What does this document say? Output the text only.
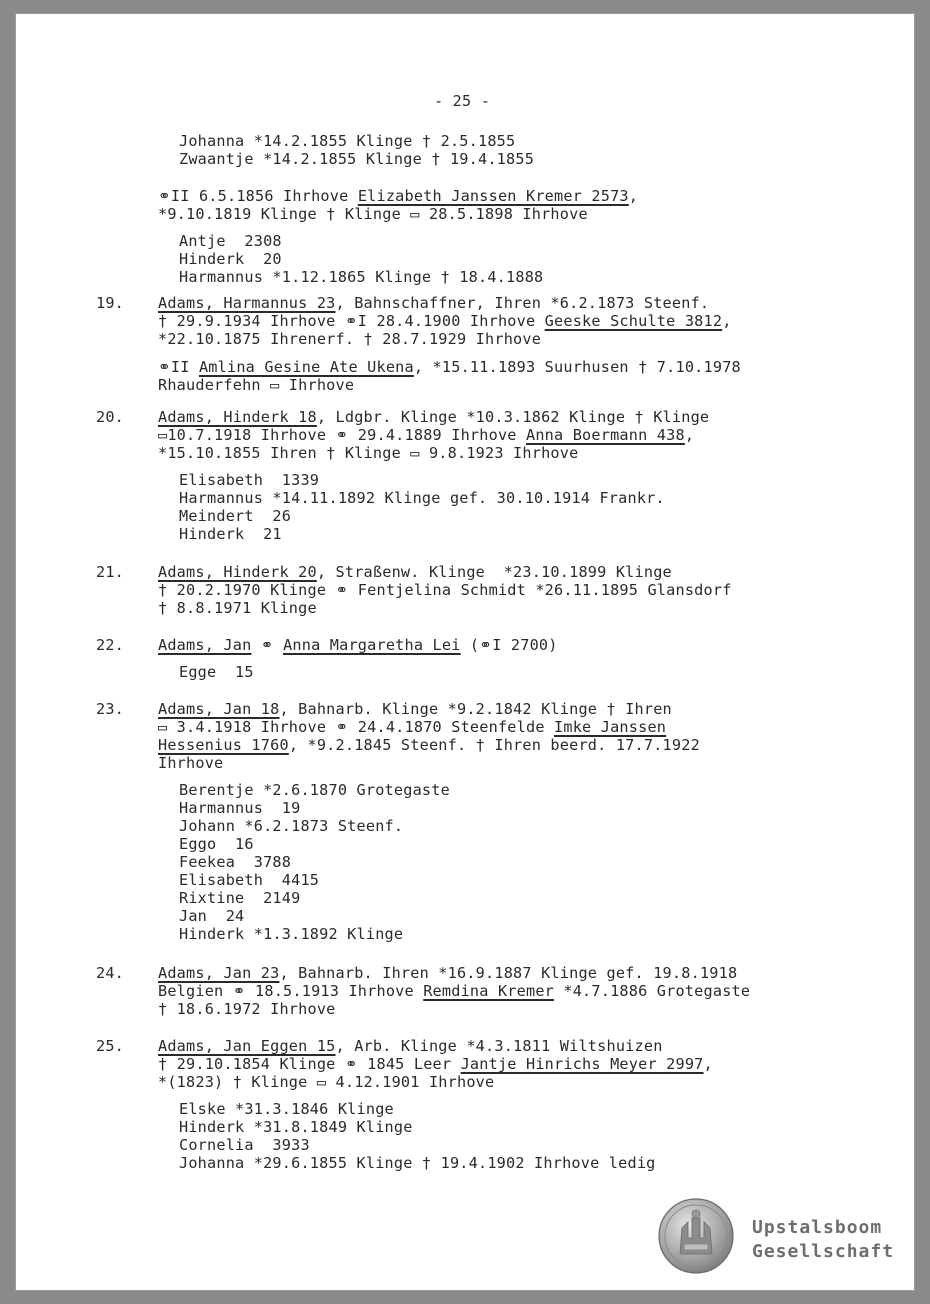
- 25 -
19.
20.
21.
22.
23.
24.
25.
Johanna *14.2.1855 Klinge † 2.5.1855
Zwaantje *14.2.1855 Klinge † 19.4.1855
⚭II 6.5.1856 Ihrhove Elizabeth Janssen Kremer 2573,
*9.10.1819 Klinge † Klinge ▭ 28.5.1898 Ihrhove
Antje  2308
Hinderk  20
Harmannus *1.12.1865 Klinge † 18.4.1888
Adams, Harmannus 23, Bahnschaffner, Ihren *6.2.1873 Steenf.
† 29.9.1934 Ihrhove ⚭I 28.4.1900 Ihrhove Geeske Schulte 3812,
*22.10.1875 Ihrenerf. † 28.7.1929 Ihrhove
⚭II Amlina Gesine Ate Ukena, *15.11.1893 Suurhusen † 7.10.1978
Rhauderfehn ▭ Ihrhove
Adams, Hinderk 18, Ldgbr. Klinge *10.3.1862 Klinge † Klinge
▭10.7.1918 Ihrhove ⚭ 29.4.1889 Ihrhove Anna Boermann 438,
*15.10.1855 Ihren † Klinge ▭ 9.8.1923 Ihrhove
Elisabeth  1339
Harmannus *14.11.1892 Klinge gef. 30.10.1914 Frankr.
Meindert  26
Hinderk  21
Adams, Hinderk 20, Straßenw. Klinge  *23.10.1899 Klinge
† 20.2.1970 Klinge ⚭ Fentjelina Schmidt *26.11.1895 Glansdorf
† 8.8.1971 Klinge
Adams, Jan ⚭ Anna Margaretha Lei (⚭I 2700)
Egge  15
Adams, Jan 18, Bahnarb. Klinge *9.2.1842 Klinge † Ihren
▭ 3.4.1918 Ihrhove ⚭ 24.4.1870 Steenfelde Imke Janssen
Hessenius 1760, *9.2.1845 Steenf. † Ihren beerd. 17.7.1922
Ihrhove
Berentje *2.6.1870 Grotegaste
Harmannus  19
Johann *6.2.1873 Steenf.
Eggo  16
Feekea  3788
Elisabeth  4415
Rixtine  2149
Jan  24
Hinderk *1.3.1892 Klinge
Adams, Jan 23, Bahnarb. Ihren *16.9.1887 Klinge gef. 19.8.1918
Belgien ⚭ 18.5.1913 Ihrhove Remdina Kremer *4.7.1886 Grotegaste
† 18.6.1972 Ihrhove
Adams, Jan Eggen 15, Arb. Klinge *4.3.1811 Wiltshuizen
† 29.10.1854 Klinge ⚭ 1845 Leer Jantje Hinrichs Meyer 2997,
*(1823) † Klinge ▭ 4.12.1901 Ihrhove
Elske *31.3.1846 Klinge
Hinderk *31.8.1849 Klinge
Cornelia  3933
Johanna *29.6.1855 Klinge † 19.4.1902 Ihrhove ledig
Upstalsboom
Gesellschaft
